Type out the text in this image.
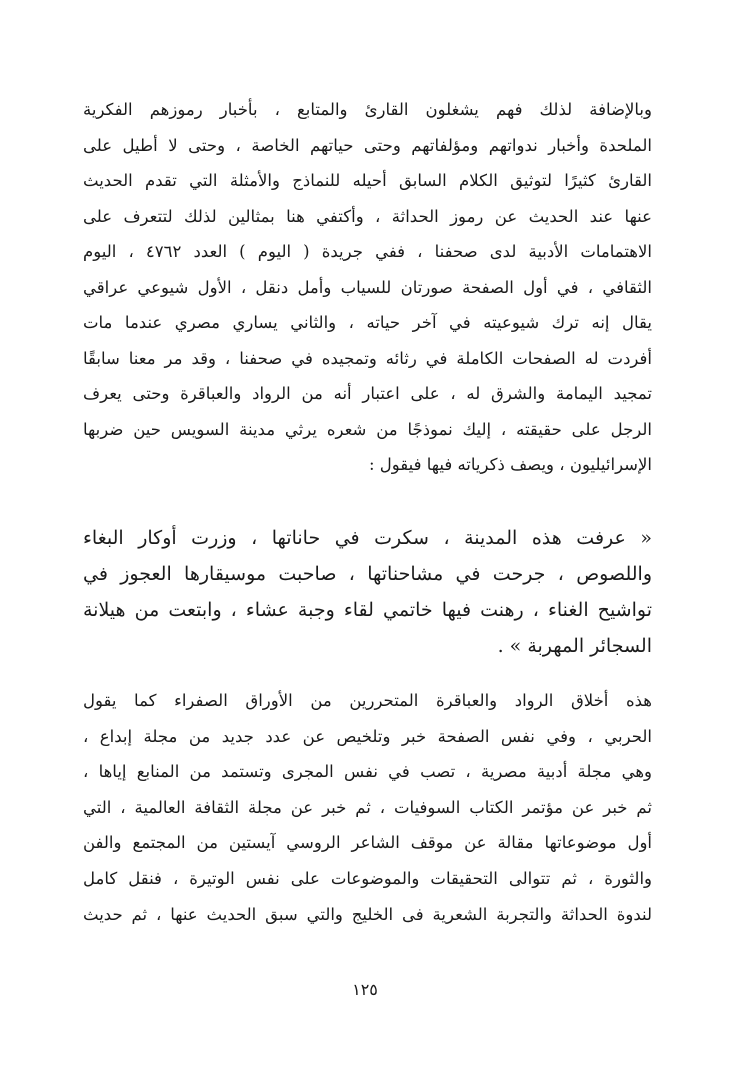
وبالإضافة لذلك فهم يشغلون القارئ والمتابع ، بأخبار رموزهم الفكرية
الملحدة وأخبار ندواتهم ومؤلفاتهم وحتى حياتهم الخاصة ، وحتى لا أطيل على
القارئ كثيرًا لتوثيق الكلام السابق أحيله للنماذج والأمثلة التي تقدم الحديث
عنها عند الحديث عن رموز الحداثة ، وأكتفي هنا بمثالين لذلك لتتعرف على
الاهتمامات الأدبية لدى صحفنا ، ففي جريدة ( اليوم ) العدد ٤٧٦٢ ، اليوم
الثقافي ، في أول الصفحة صورتان للسياب وأمل دنقل ، الأول شيوعي عراقي
يقال إنه ترك شيوعيته في آخر حياته ، والثاني يساري مصري عندما مات
أفردت له الصفحات الكاملة في رثائه وتمجيده في صحفنا ، وقد مر معنا سابقًا
تمجيد اليمامة والشرق له ، على اعتبار أنه من الرواد والعباقرة وحتى يعرف
الرجل على حقيقته ، إليك نموذجًا من شعره يرثي مدينة السويس حين ضربها
الإسرائيليون ، ويصف ذكرياته فيها فيقول :
« عرفت هذه المدينة ، سكرت في حاناتها ، وزرت أوكار البغاء
واللصوص ، جرحت في مشاحناتها ، صاحبت موسيقارها العجوز في
تواشيح الغناء ، رهنت فيها خاتمي لقاء وجبة عشاء ، وابتعت من هيلانة
السجائر المهربة » .
هذه أخلاق الرواد والعباقرة المتحررين من الأوراق الصفراء كما يقول
الحربي ، وفي نفس الصفحة خبر وتلخيص عن عدد جديد من مجلة إبداع ،
وهي مجلة أدبية مصرية ، تصب في نفس المجرى وتستمد من المنابع إياها ،
ثم خبر عن مؤتمر الكتاب السوفيات ، ثم خبر عن مجلة الثقافة العالمية ، التي
أول موضوعاتها مقالة عن موقف الشاعر الروسي آيستين من المجتمع والفن
والثورة ، ثم تتوالى التحقيقات والموضوعات على نفس الوتيرة ، فنقل كامل
لندوة الحداثة والتجربة الشعرية فى الخليج والتي سبق الحديث عنها ، ثم حديث
١٢٥
